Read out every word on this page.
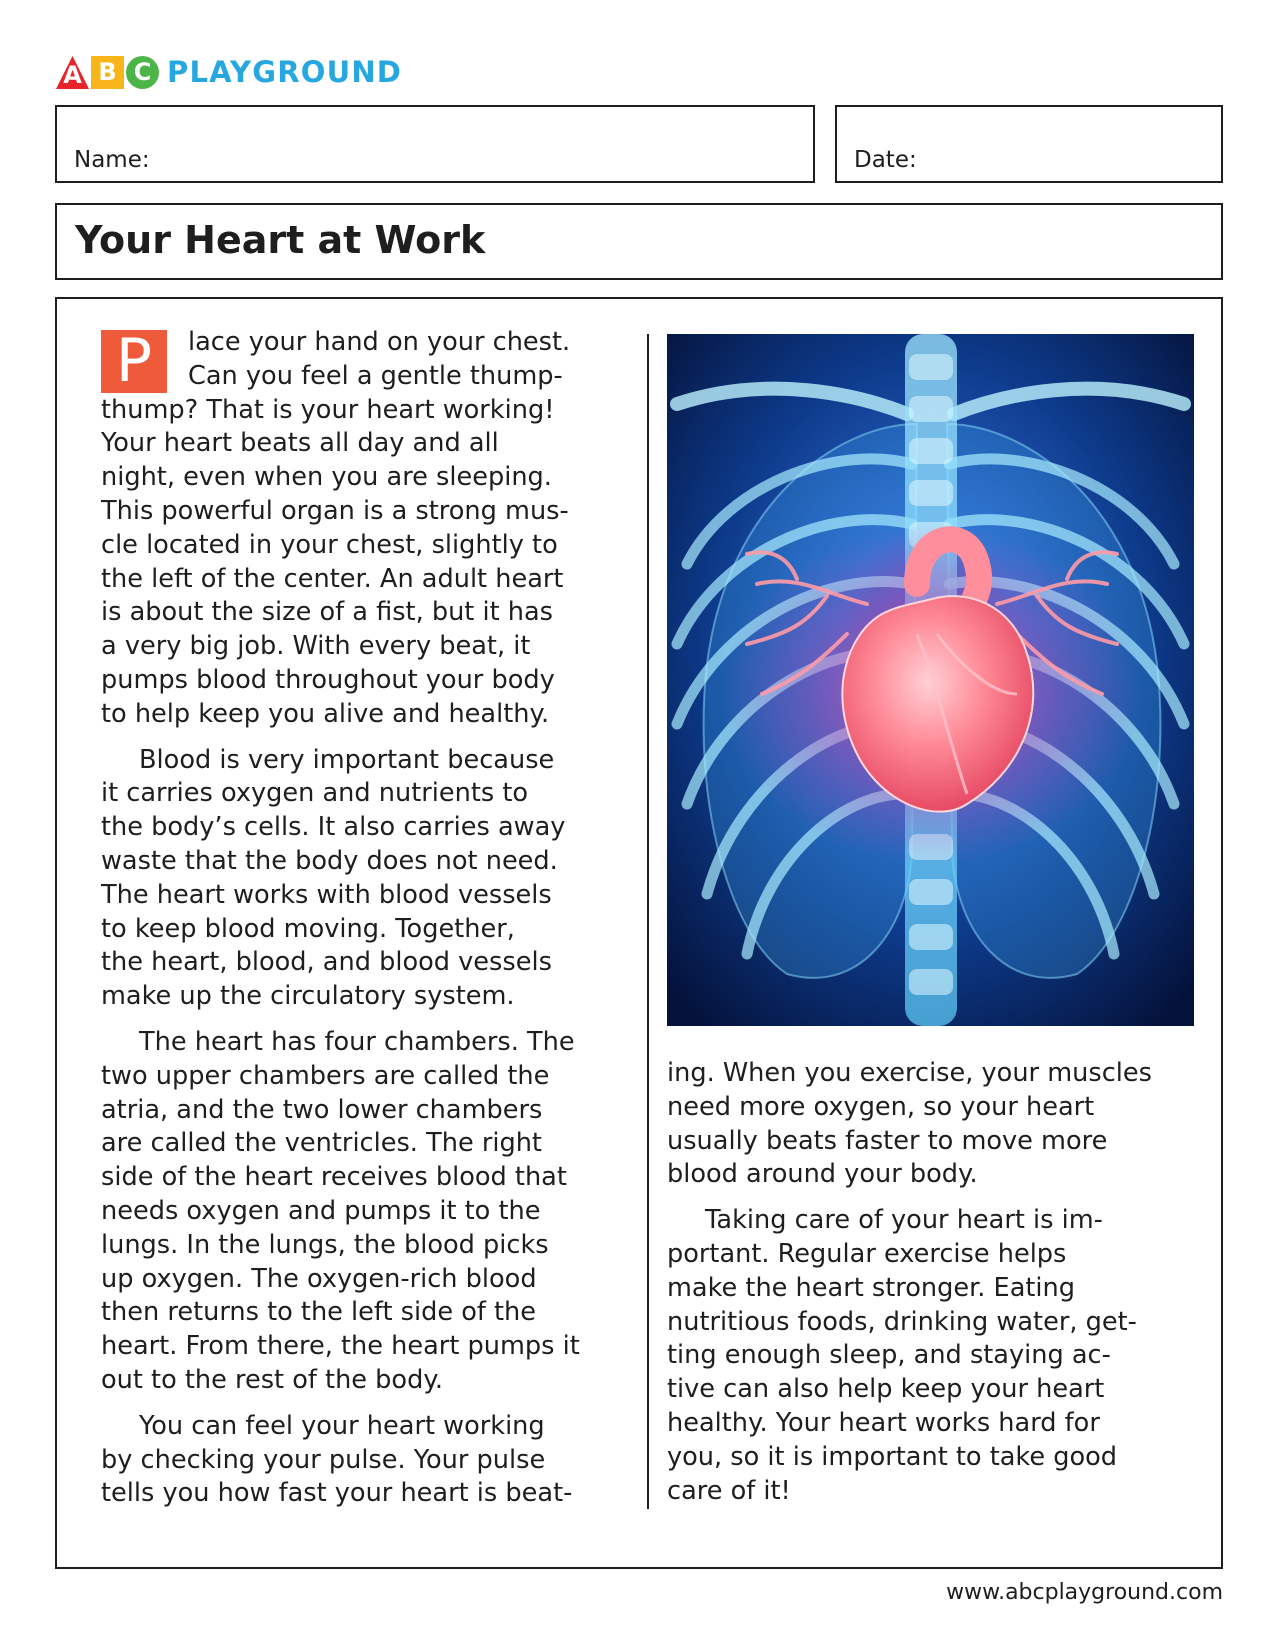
A B C PLAYGROUND
Name:	Date:
Your Heart at Work
P	lace your hand on your chest.
Can you feel a gentle thump-
thump? That is your heart working!
Your heart beats all day and all
night, even when you are sleeping.
This powerful organ is a strong mus-
cle located in your chest, slightly to
the left of the center. An adult heart
is about the size of a fist, but it has
a very big job. With every beat, it
pumps blood throughout your body
to help keep you alive and healthy.
Blood is very important because
it carries oxygen and nutrients to
the body’s cells. It also carries away
waste that the body does not need.
The heart works with blood vessels
to keep blood moving. Together,
the heart, blood, and blood vessels
make up the circulatory system.
The heart has four chambers. The
two upper chambers are called the
atria, and the two lower chambers
are called the ventricles. The right
side of the heart receives blood that
needs oxygen and pumps it to the
lungs. In the lungs, the blood picks
up oxygen. The oxygen-rich blood
then returns to the left side of the
heart. From there, the heart pumps it
out to the rest of the body.
You can feel your heart working
by checking your pulse. Your pulse
tells you how fast your heart is beat-
ing. When you exercise, your muscles
need more oxygen, so your heart
usually beats faster to move more
blood around your body.
Taking care of your heart is im-
portant. Regular exercise helps
make the heart stronger. Eating
nutritious foods, drinking water, get-
ting enough sleep, and staying ac-
tive can also help keep your heart
healthy. Your heart works hard for
you, so it is important to take good
care of it!
www.abcplayground.com
